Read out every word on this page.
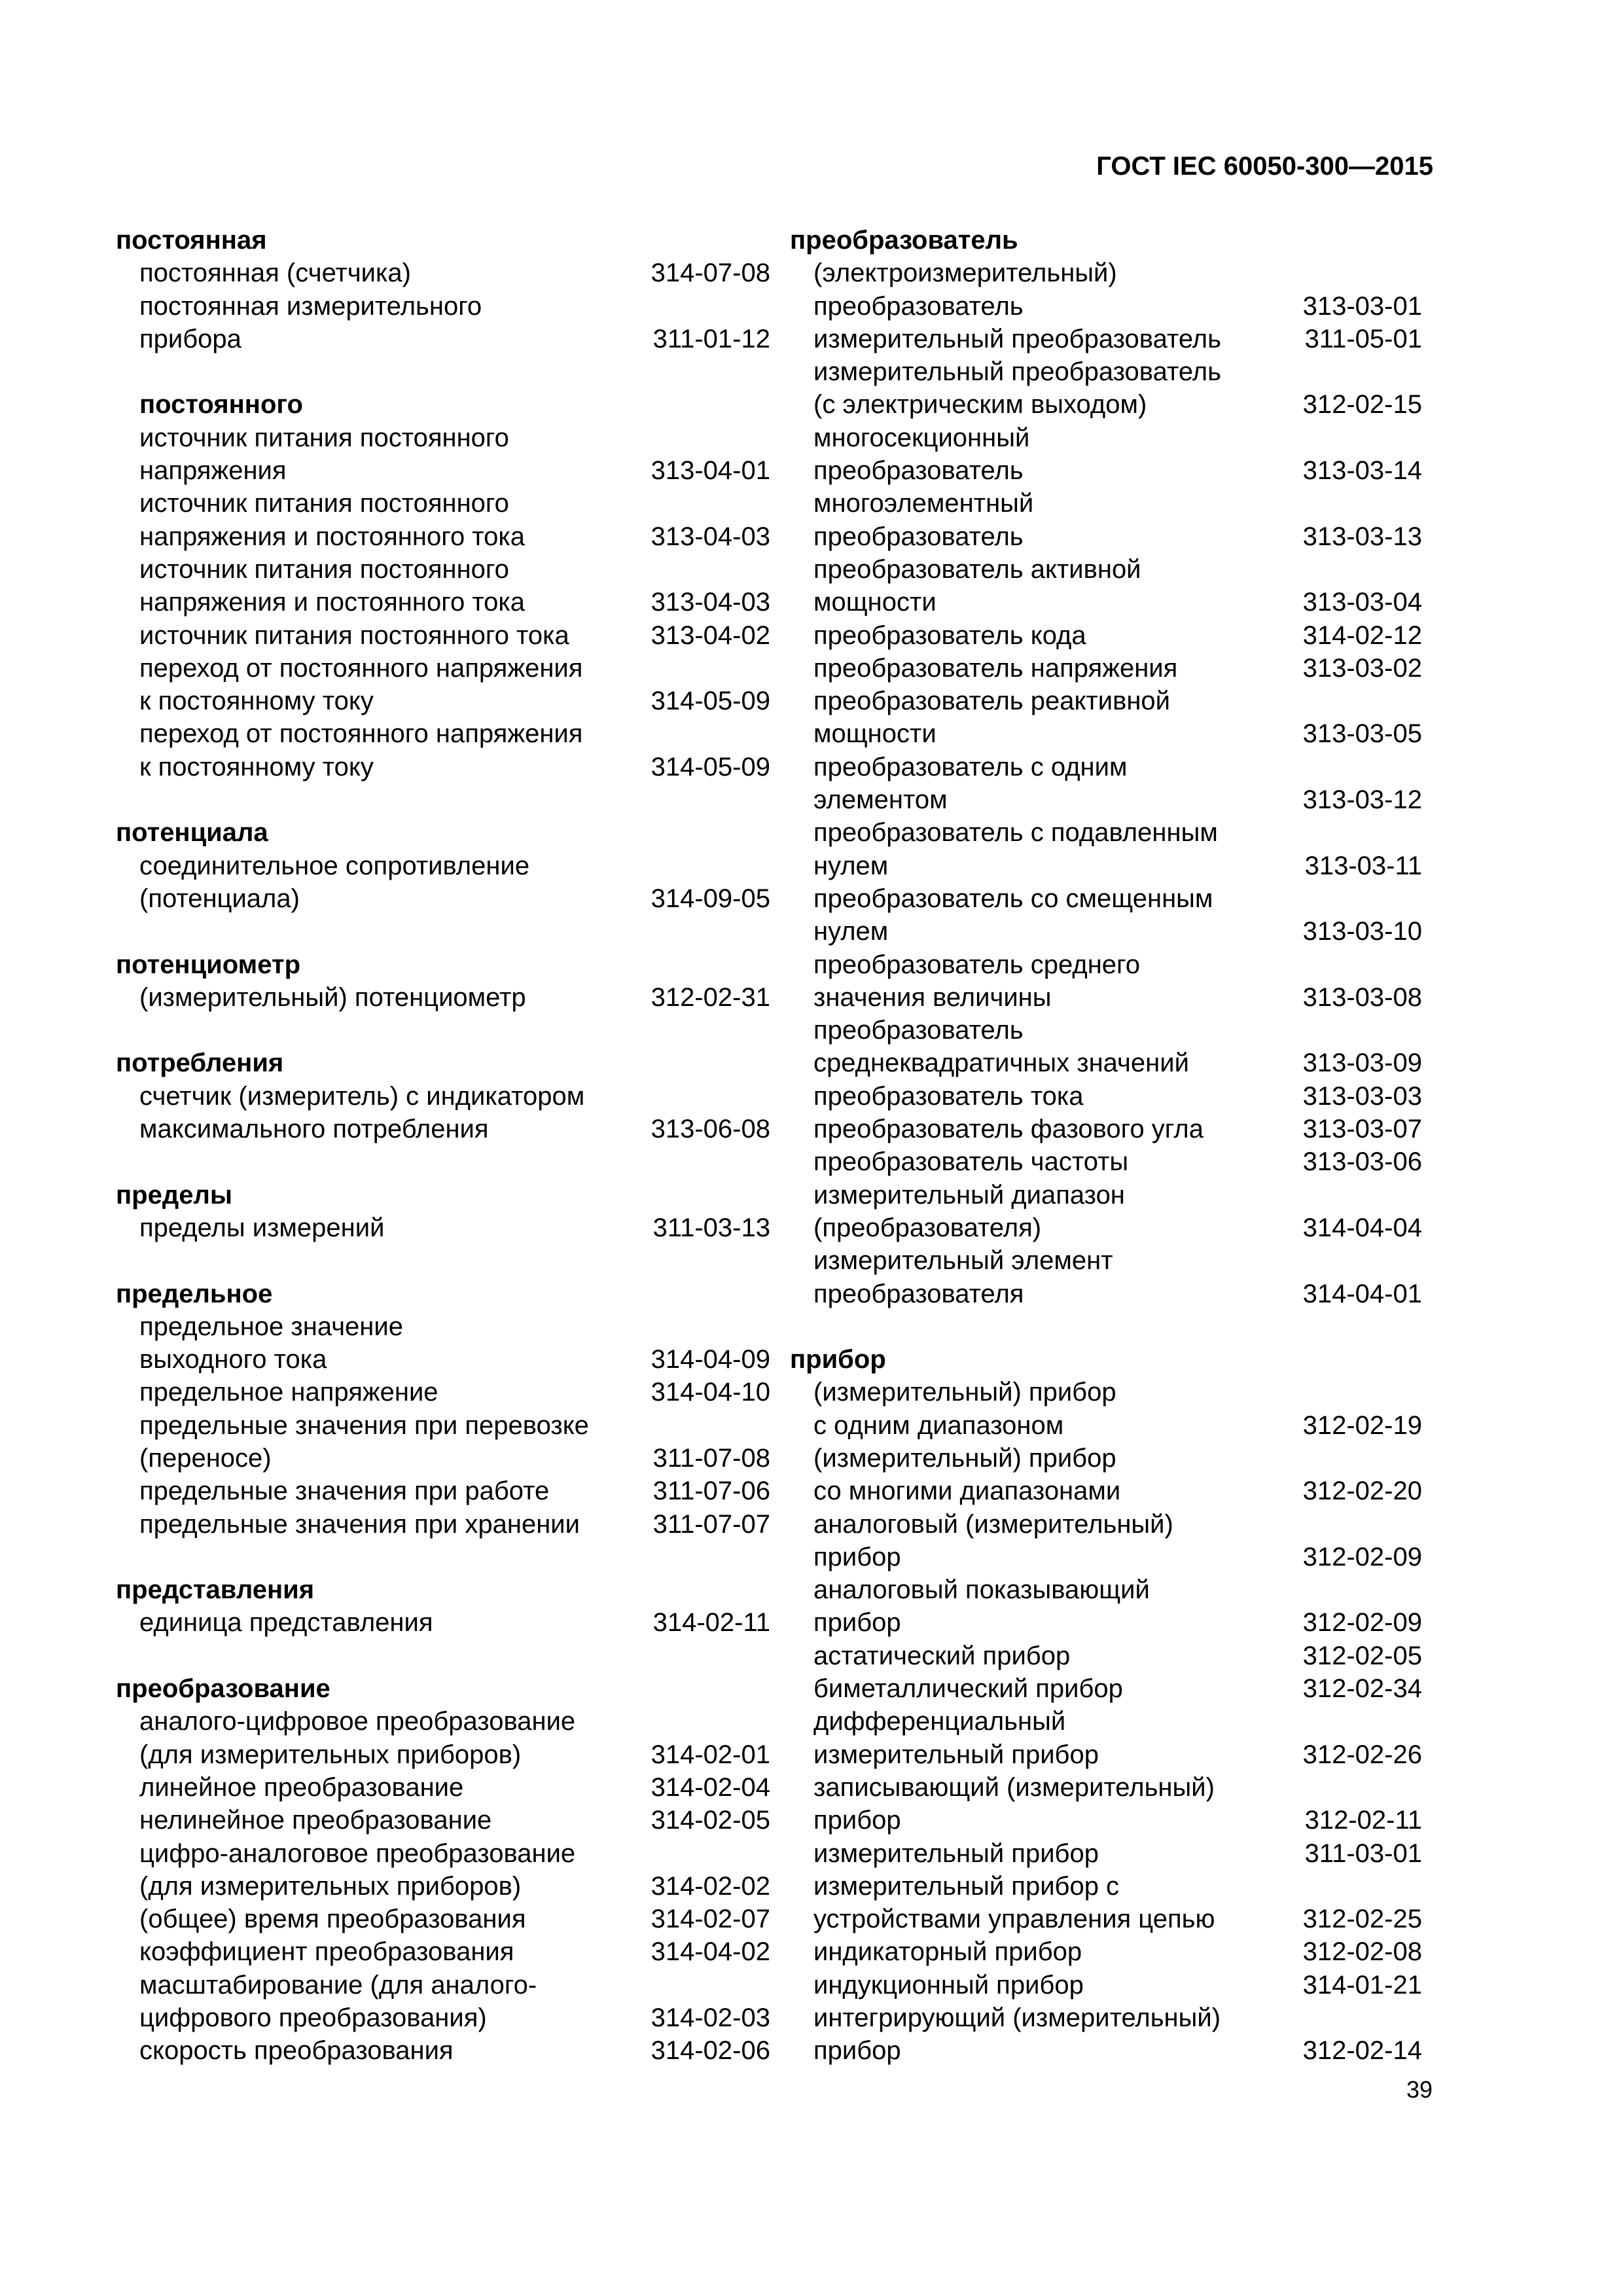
ГОСТ IEC 60050-300—2015
постоянная
постоянная (счетчика)	314-07-08
постоянная измерительного
прибора	311-01-12
постоянного
источник питания постоянного
напряжения	313-04-01
источник питания постоянного
напряжения и постоянного тока	313-04-03
источник питания постоянного
напряжения и постоянного тока	313-04-03
источник питания постоянного тока	313-04-02
переход от постоянного напряжения
к постоянному току	314-05-09
переход от постоянного напряжения
к постоянному току	314-05-09
потенциала
соединительное сопротивление
(потенциала)	314-09-05
потенциометр
(измерительный) потенциометр	312-02-31
потребления
счетчик (измеритель) с индикатором
максимального потребления	313-06-08
пределы
пределы измерений	311-03-13
предельное
предельное значение
выходного тока	314-04-09
предельное напряжение	314-04-10
предельные значения при перевозке
(переносе)	311-07-08
предельные значения при работе	311-07-06
предельные значения при хранении	311-07-07
представления
единица представления	314-02-11
преобразование
аналого-цифровое преобразование
(для измерительных приборов)	314-02-01
линейное преобразование	314-02-04
нелинейное преобразование	314-02-05
цифро-аналоговое преобразование
(для измерительных приборов)	314-02-02
(общее) время преобразования	314-02-07
коэффициент преобразования	314-04-02
масштабирование (для аналого-
цифрового преобразования)	314-02-03
скорость преобразования	314-02-06
преобразователь
(электроизмерительный)
преобразователь	313-03-01
измерительный преобразователь	311-05-01
измерительный преобразователь
(с электрическим выходом)	312-02-15
многосекционный
преобразователь	313-03-14
многоэлементный
преобразователь	313-03-13
преобразователь активной
мощности	313-03-04
преобразователь кода	314-02-12
преобразователь напряжения	313-03-02
преобразователь реактивной
мощности	313-03-05
преобразователь с одним
элементом	313-03-12
преобразователь с подавленным
нулем	313-03-11
преобразователь со смещенным
нулем	313-03-10
преобразователь среднего
значения величины	313-03-08
преобразователь
среднеквадратичных значений	313-03-09
преобразователь тока	313-03-03
преобразователь фазового угла	313-03-07
преобразователь частоты	313-03-06
измерительный диапазон
(преобразователя)	314-04-04
измерительный элемент
преобразователя	314-04-01
прибор
(измерительный) прибор
с одним диапазоном	312-02-19
(измерительный) прибор
со многими диапазонами	312-02-20
аналоговый (измерительный)
прибор	312-02-09
аналоговый показывающий
прибор	312-02-09
астатический прибор	312-02-05
биметаллический прибор	312-02-34
дифференциальный
измерительный прибор	312-02-26
записывающий (измерительный)
прибор	312-02-11
измерительный прибор	311-03-01
измерительный прибор с
устройствами управления цепью	312-02-25
индикаторный прибор	312-02-08
индукционный прибор	314-01-21
интегрирующий (измерительный)
прибор	312-02-14
39
